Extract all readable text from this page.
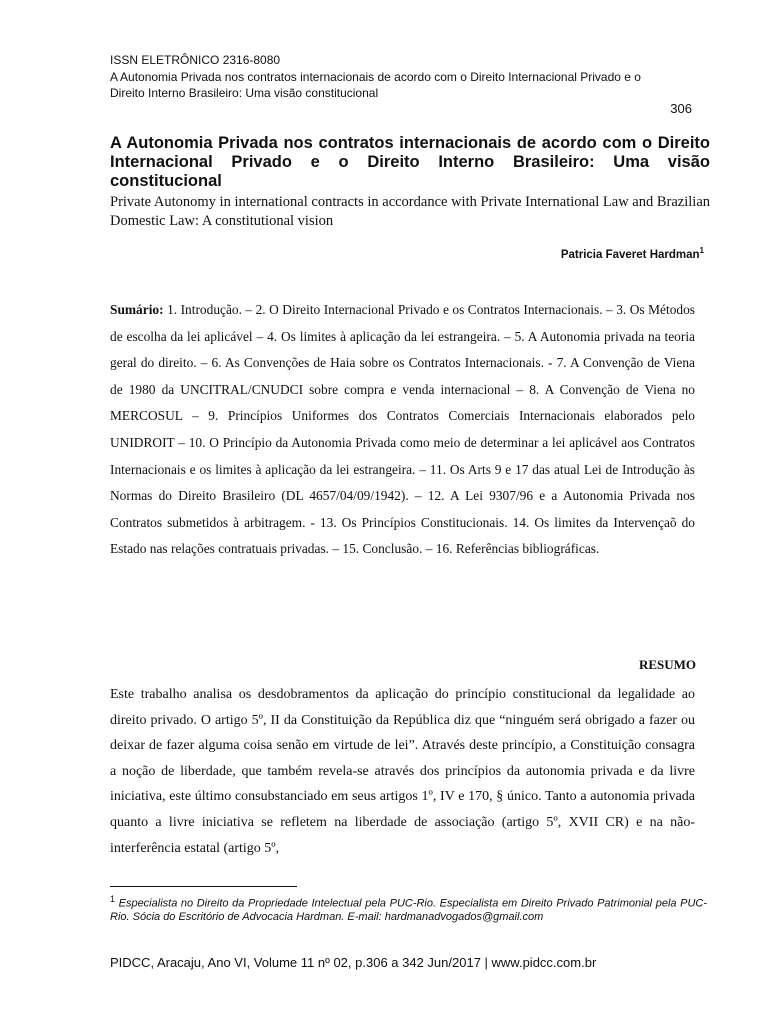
ISSN ELETRÔNICO 2316-8080
A Autonomia Privada nos contratos internacionais de acordo com o Direito Internacional Privado e o
Direito Interno Brasileiro: Uma visão constitucional
306
A Autonomia Privada nos contratos internacionais de acordo com o Direito Internacional Privado e o Direito Interno Brasileiro: Uma visão constitucional
Private Autonomy in international contracts in accordance with Private International Law and Brazilian Domestic Law: A constitutional vision
Patricia Faveret Hardman$^1$
Sumário: 1. Introdução. – 2. O Direito Internacional Privado e os Contratos Internacionais. – 3. Os Métodos de escolha da lei aplicável – 4. Os limites à aplicação da lei estrangeira. – 5. A Autonomia privada na teoria geral do direito. – 6. As Convenções de Haia sobre os Contratos Internacionais. - 7. A Convenção de Viena de 1980 da UNCITRAL/CNUDCI sobre compra e venda internacional – 8. A Convenção de Viena no MERCOSUL – 9. Princípios Uniformes dos Contratos Comerciais Internacionais elaborados pelo UNIDROIT – 10. O Princípio da Autonomia Privada como meio de determinar a lei aplicável aos Contratos Internacionais e os limites à aplicação da lei estrangeira. – 11. Os Arts 9 e 17 das atual Lei de Introdução às Normas do Direito Brasileiro (DL 4657/04/09/1942). – 12. A Lei 9307/96 e a Autonomia Privada nos Contratos submetidos à arbitragem. - 13. Os Princípios Constitucionais. 14. Os limites da Intervençaõ do Estado nas relações contratuais privadas. – 15. Conclusão. – 16. Referências bibliográficas.
RESUMO
Este trabalho analisa os desdobramentos da aplicação do princípio constitucional da legalidade ao direito privado. O artigo 5º, II da Constituição da República diz que “ninguém será obrigado a fazer ou deixar de fazer alguma coisa senão em virtude de lei”. Através deste princípio, a Constituição consagra a noção de liberdade, que também revela-se através dos princípios da autonomia privada e da livre iniciativa, este último consubstanciado em seus artigos 1º, IV e 170, § único. Tanto a autonomia privada quanto a livre iniciativa se refletem na liberdade de associação (artigo 5º, XVII CR) e na não-interferência estatal (artigo 5º,
$^1$ Especialista no Direito da Propriedade Intelectual pela PUC-Rio. Especialista em Direito Privado Patrimonial pela PUC-Rio. Sócia do Escritório de Advocacia Hardman. E-mail: hardmanadvogados@gmail.com
PIDCC, Aracaju, Ano VI, Volume 11 nº 02, p.306 a 342 Jun/2017 | www.pidcc.com.br
